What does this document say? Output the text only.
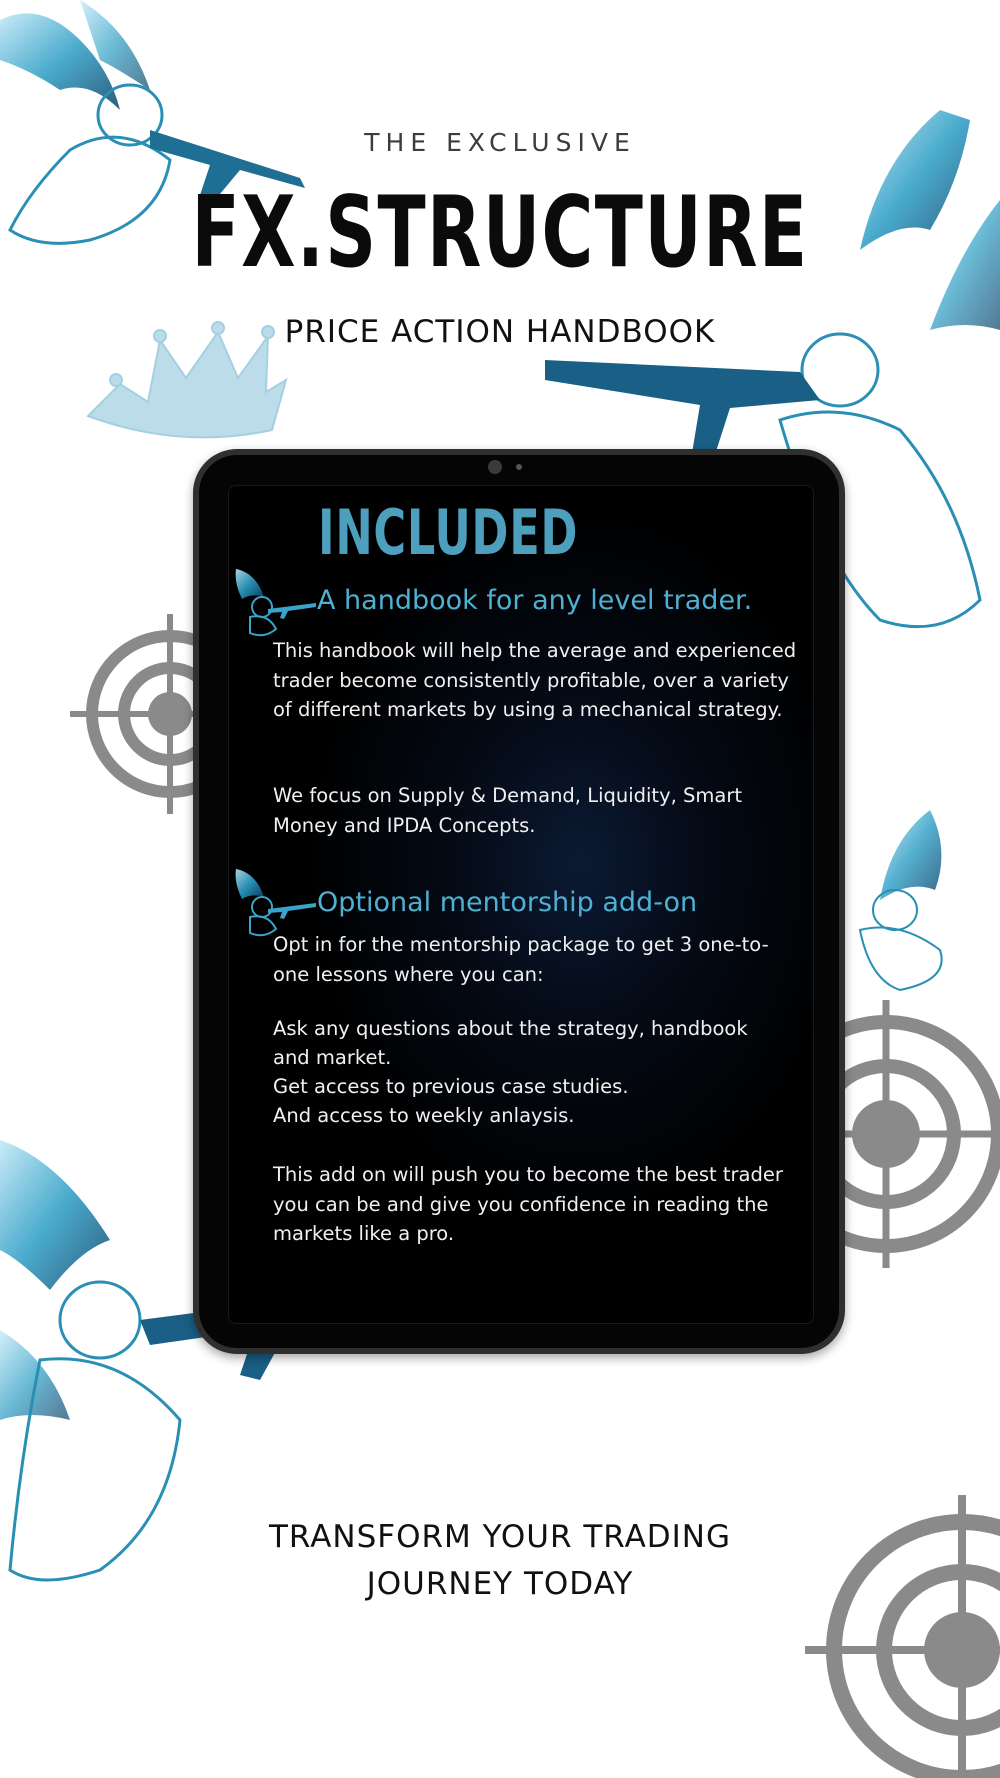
THE EXCLUSIVE
FX.STRUCTURE
PRICE ACTION HANDBOOK
INCLUDED
A handbook for any level trader.
This handbook will help the average and experienced trader become consistently profitable, over a variety of different markets by using a mechanical strategy.
We focus on Supply & Demand, Liquidity, Smart Money and IPDA Concepts.
Optional mentorship add-on
Opt in for the mentorship package to get 3 one-to-one lessons where you can:
Ask any questions about the strategy, handbook
and market.
Get access to previous case studies.
And access to weekly anlaysis.
This add on will push you to become the best trader you can be and give you confidence in reading the markets like a pro.
TRANSFORM YOUR TRADING
JOURNEY TODAY
